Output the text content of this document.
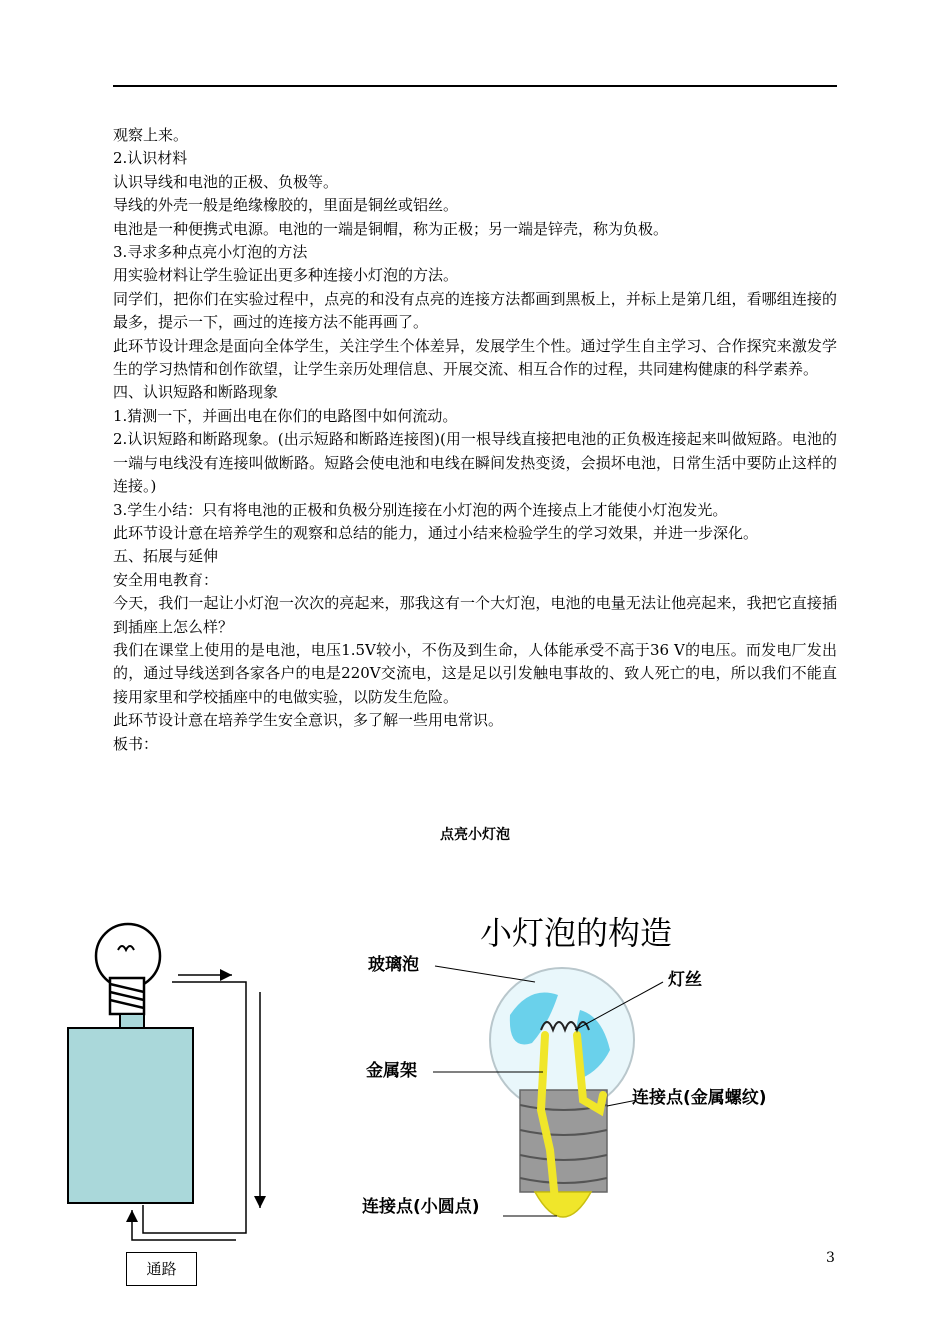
观察上来。

2.认识材料

认识导线和电池的正极、负极等。

导线的外壳一般是绝缘橡胶的，里面是铜丝或铝丝。

电池是一种便携式电源。电池的一端是铜帽，称为正极；另一端是锌壳，称为负极。

3.寻求多种点亮小灯泡的方法

用实验材料让学生验证出更多种连接小灯泡的方法。

同学们，把你们在实验过程中，点亮的和没有点亮的连接方法都画到黑板上，并标上是第几组，看哪组连接的最多，提示一下，画过的连接方法不能再画了。

此环节设计理念是面向全体学生，关注学生个体差异，发展学生个性。通过学生自主学习、合作探究来激发学生的学习热情和创作欲望，让学生亲历处理信息、开展交流、相互合作的过程，共同建构健康的科学素养。

四、认识短路和断路现象

1.猜测一下，并画出电在你们的电路图中如何流动。

2.认识短路和断路现象。(出示短路和断路连接图)(用一根导线直接把电池的正负极连接起来叫做短路。电池的一端与电线没有连接叫做断路。短路会使电池和电线在瞬间发热变烫，会损坏电池，日常生活中要防止这样的连接。)

3.学生小结：只有将电池的正极和负极分别连接在小灯泡的两个连接点上才能使小灯泡发光。

此环节设计意在培养学生的观察和总结的能力，通过小结来检验学生的学习效果，并进一步深化。

五、拓展与延伸

安全用电教育：

今天，我们一起让小灯泡一次次的亮起来，那我这有一个大灯泡，电池的电量无法让他亮起来，我把它直接插到插座上怎么样？

我们在课堂上使用的是电池，电压1.5V较小，不伤及到生命，人体能承受不高于36 V的电压。而发电厂发出的，通过导线送到各家各户的电是220V交流电，这是足以引发触电事故的、致人死亡的电，所以我们不能直接用家里和学校插座中的电做实验，以防发生危险。

此环节设计意在培养学生安全意识，多了解一些用电常识。

板书：

点亮小灯泡
通路
小灯泡的构造
玻璃泡
灯丝
金属架
连接点(金属螺纹)
连接点(小圆点)
3
